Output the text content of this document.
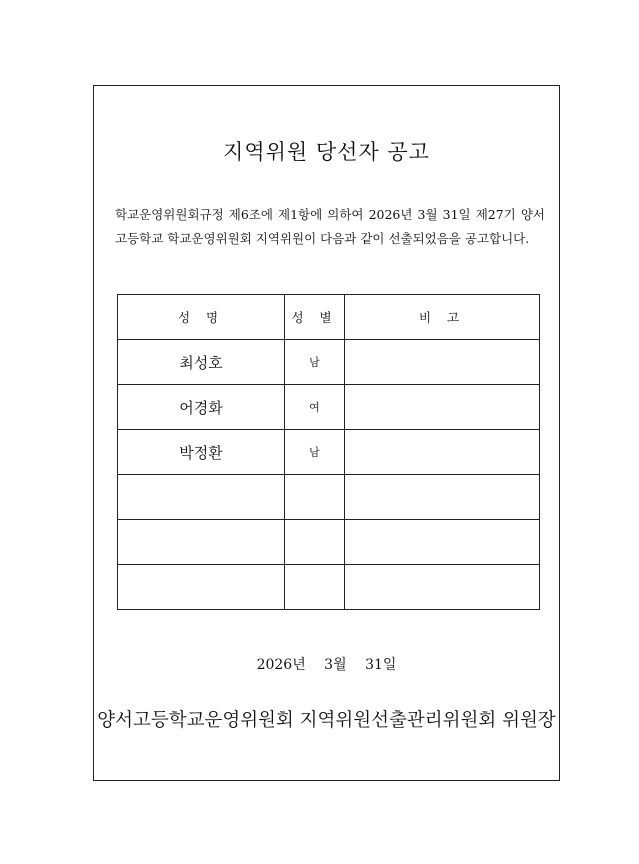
지역위원 당선자 공고
학교운영위원회규정 제6조에 제1항에 의하여 2026년 3월 31일 제27기 양서고등학교 학교운영위원회 지역위원이 다음과 같이 선출되었음을 공고합니다.
성 명	성 별	비 고
최성호	남	
어경화	여	
박정환	남	

2026년 3월 31일
양서고등학교운영위원회 지역위원선출관리위원회 위원장
